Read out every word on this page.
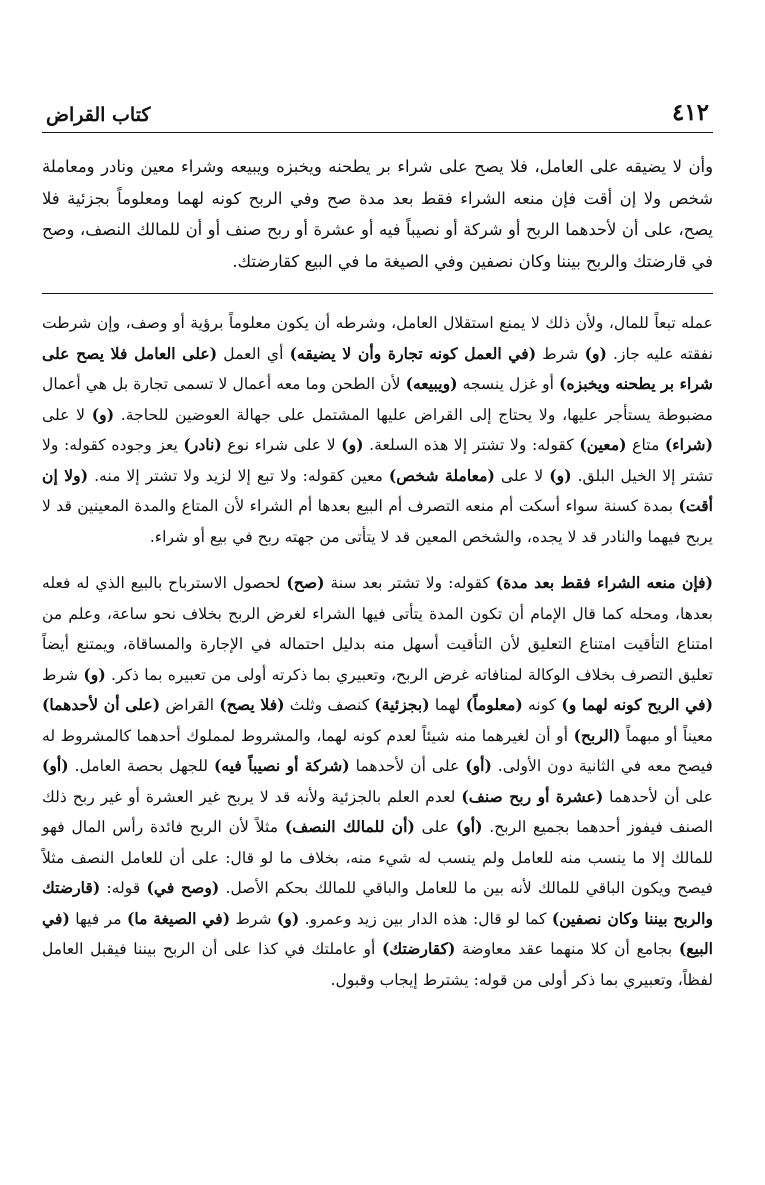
٤١٢
كتاب القراض

وأن لا يضيقه على العامل، فلا يصح على شراء بر يطحنه ويخبزه ويبيعه وشراء معين ونادر ومعاملة شخص ولا إن أقت فإن منعه الشراء فقط بعد مدة صح وفي الربح كونه لهما ومعلوماً بجزئية فلا يصح، على أن لأحدهما الربح أو شركة أو نصيباً فيه أو عشرة أو ربح صنف أو أن للمالك النصف، وصح في قارضتك والربح بيننا وكان نصفين وفي الصيغة ما في البيع كقارضتك.

عمله تبعاً للمال، ولأن ذلك لا يمنع استقلال العامل، وشرطه أن يكون معلوماً برؤية أو وصف، وإن شرطت نفقته عليه جاز. (و) شرط (في العمل كونه تجارة وأن لا يضيقه) أي العمل (على العامل فلا يصح على شراء بر يطحنه ويخبزه) أو غزل ينسجه (ويبيعه) لأن الطحن وما معه أعمال لا تسمى تجارة بل هي أعمال مضبوطة يستأجر عليها، ولا يحتاج إلى القراض عليها المشتمل على جهالة العوضين للحاجة. (و) لا على (شراء) متاع (معين) كقوله: ولا تشتر إلا هذه السلعة. (و) لا على شراء نوع (نادر) يعز وجوده كقوله: ولا تشتر إلا الخيل البلق. (و) لا على (معاملة شخص) معين كقوله: ولا تبع إلا لزيد ولا تشتر إلا منه. (ولا إن أقت) بمدة كسنة سواء أسكت أم منعه التصرف أم البيع بعدها أم الشراء لأن المتاع والمدة المعينين قد لا يربح فيهما والنادر قد لا يجده، والشخص المعين قد لا يتأتى من جهته ربح في بيع أو شراء.

(فإن منعه الشراء فقط بعد مدة) كقوله: ولا تشتر بعد سنة (صح) لحصول الاسترباح بالبيع الذي له فعله بعدها، ومحله كما قال الإمام أن تكون المدة يتأتى فيها الشراء لغرض الربح بخلاف نحو ساعة، وعلم من امتناع التأقيت امتناع التعليق لأن التأقيت أسهل منه بدليل احتماله في الإجارة والمساقاة، ويمتنع أيضاً تعليق التصرف بخلاف الوكالة لمنافاته غرض الربح، وتعبيري بما ذكرته أولى من تعبيره بما ذكر. (و) شرط (في الربح كونه لهما و) كونه (معلوماً) لهما (بجزئية) كنصف وثلث (فلا يصح) القراض (على أن لأحدهما) معيناً أو مبهماً (الربح) أو أن لغيرهما منه شيئاً لعدم كونه لهما، والمشروط لمملوك أحدهما كالمشروط له فيصح معه في الثانية دون الأولى. (أو) على أن لأحدهما (شركة أو نصيباً فيه) للجهل بحصة العامل. (أو) على أن لأحدهما (عشرة أو ربح صنف) لعدم العلم بالجزئية ولأنه قد لا يربح غير العشرة أو غير ربح ذلك الصنف فيفوز أحدهما بجميع الربح. (أو) على (أن للمالك النصف) مثلاً لأن الربح فائدة رأس المال فهو للمالك إلا ما ينسب منه للعامل ولم ينسب له شيء منه، بخلاف ما لو قال: على أن للعامل النصف مثلاً فيصح ويكون الباقي للمالك لأنه بين ما للعامل والباقي للمالك بحكم الأصل. (وصح في) قوله: (قارضتك والربح بيننا وكان نصفين) كما لو قال: هذه الدار بين زيد وعمرو. (و) شرط (في الصيغة ما) مر فيها (في البيع) بجامع أن كلا منهما عقد معاوضة (كقارضتك) أو عاملتك في كذا على أن الربح بيننا فيقبل العامل لفظاً، وتعبيري بما ذكر أولى من قوله: يشترط إيجاب وقبول.
